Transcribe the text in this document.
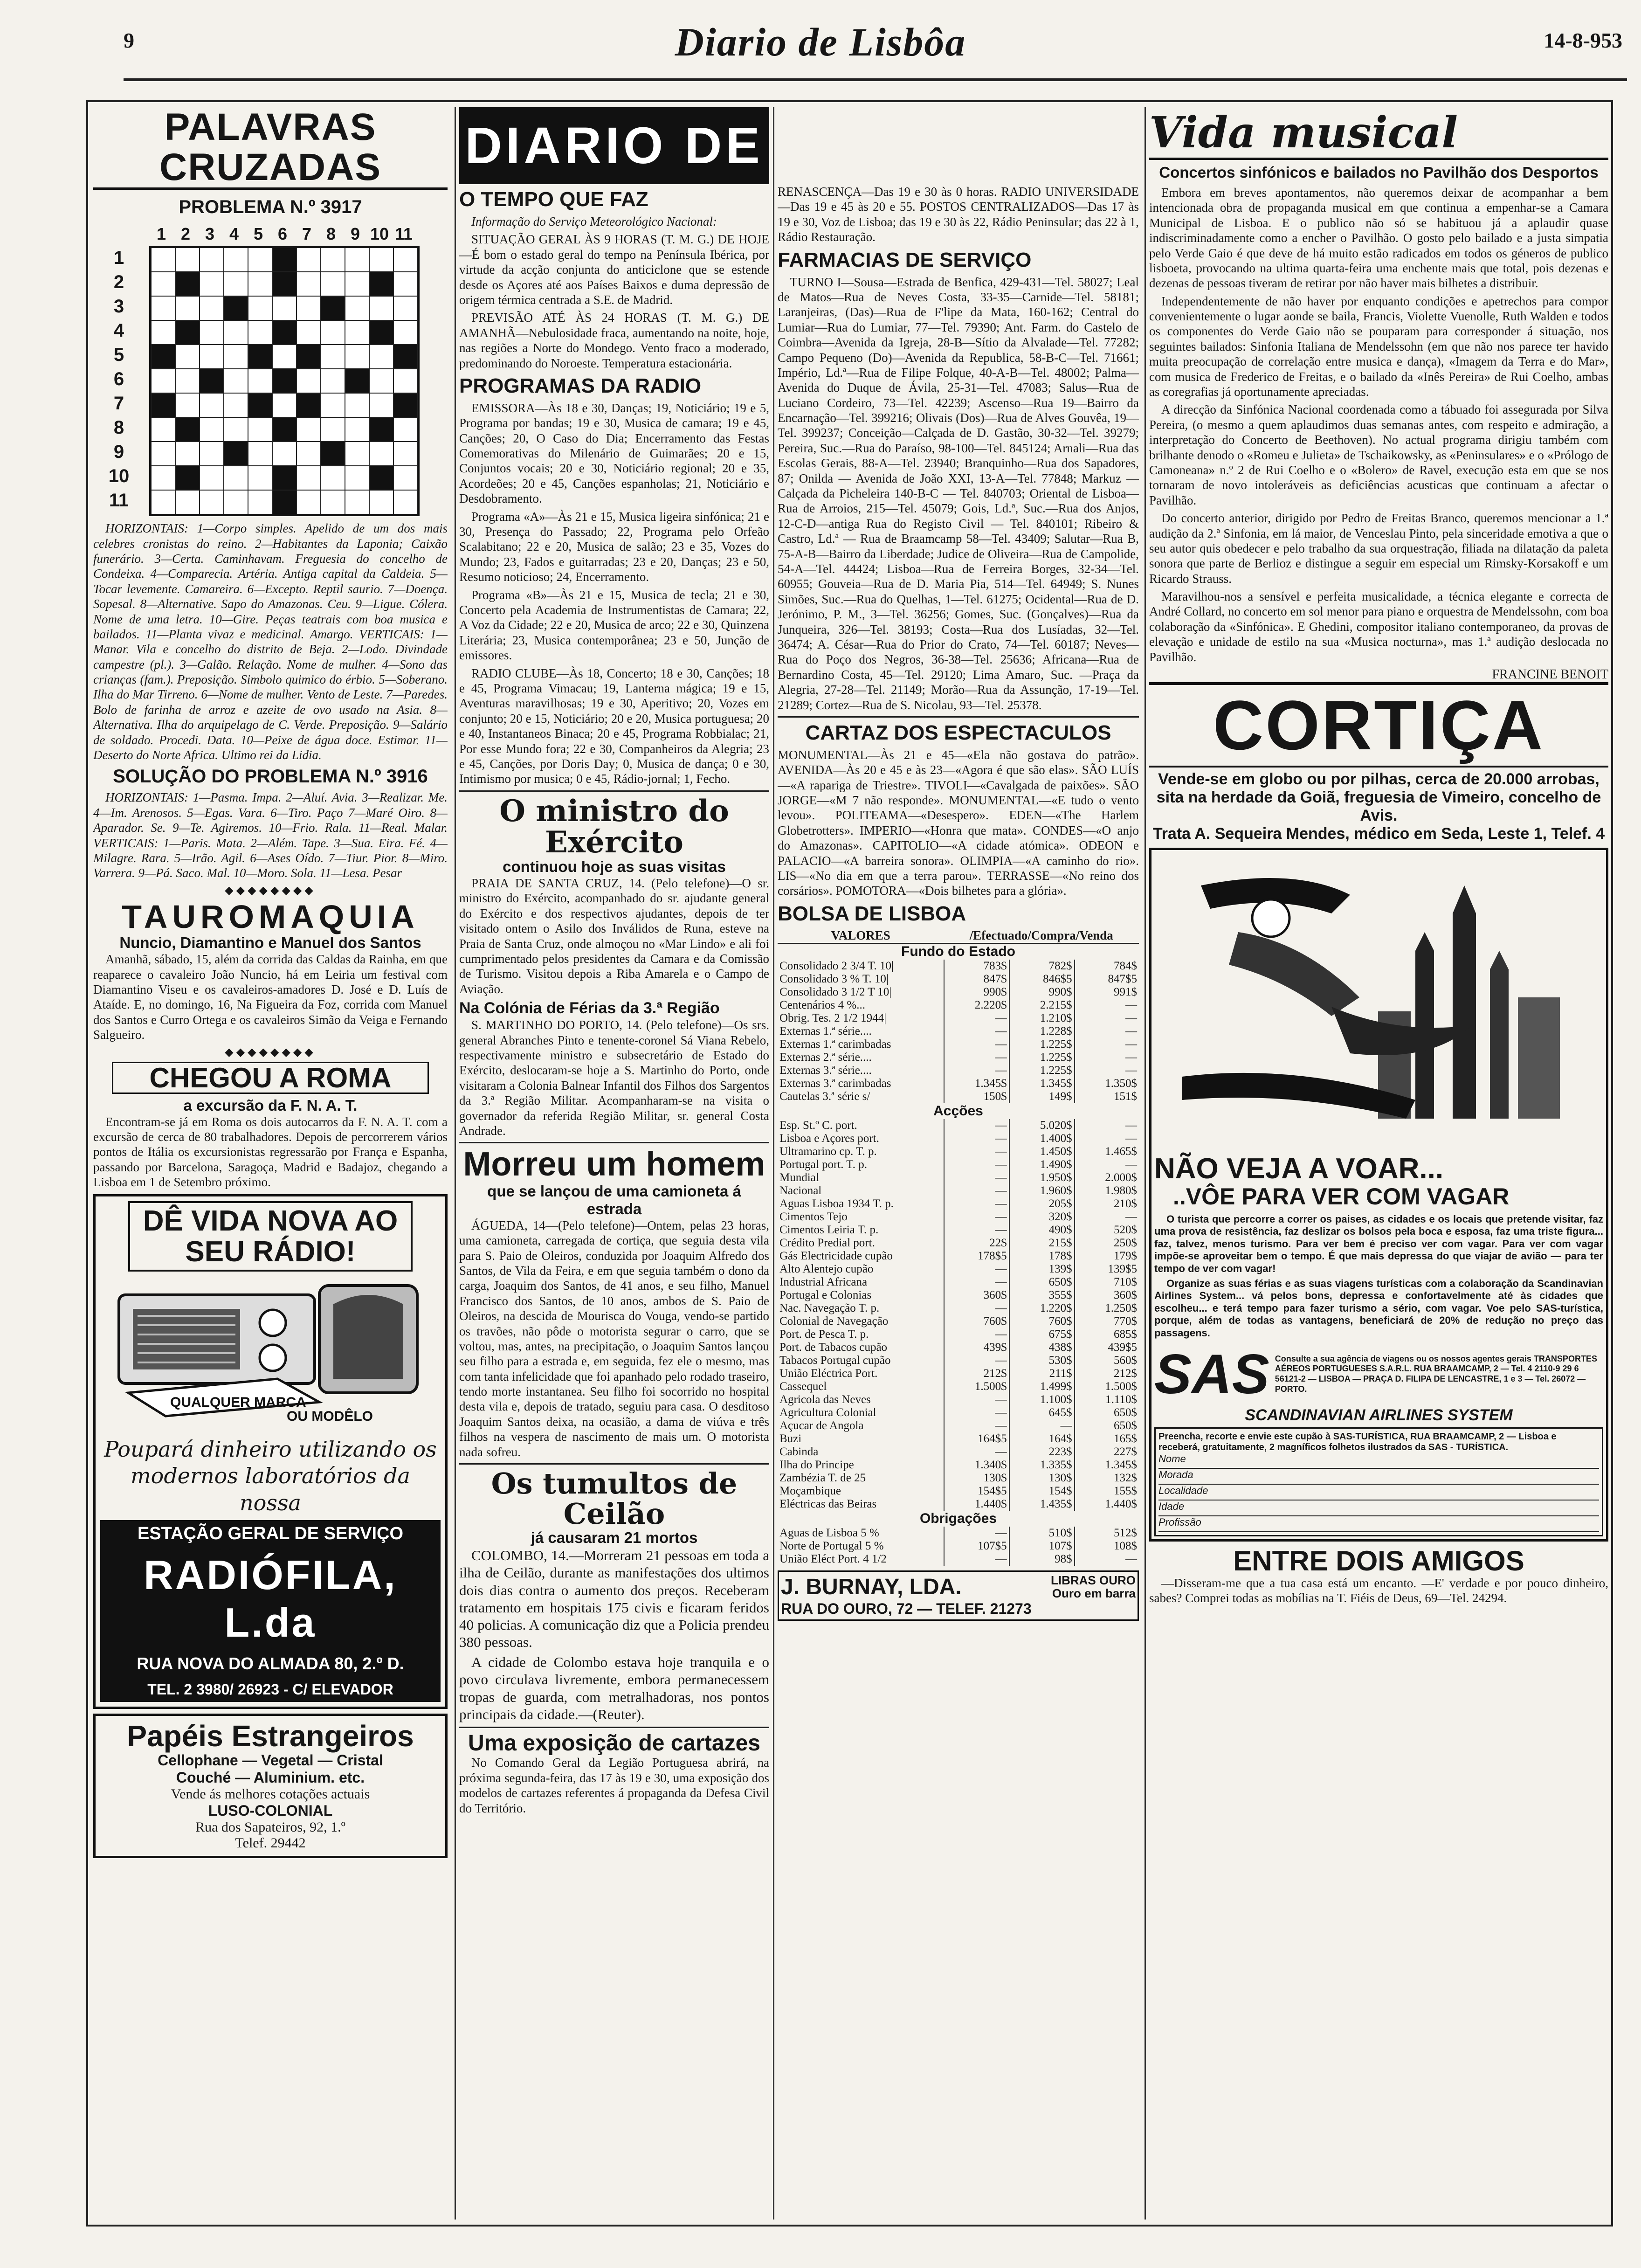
9	Diario de Lisbôa	14-8-953
PALAVRAS CRUZADAS
PROBLEMA N.º 3917
1 2 3 4 5 6 7 8 9 10 11
1
2
3
4
5
6
7
8
9
10
11

HORIZONTAIS: 1—Corpo simples. Apelido de um dos mais celebres cronistas do reino. 2—Habitantes da Laponia; Caixão funerário. 3—Certa. Caminhavam. Freguesia do concelho de Condeixa. 4—Comparecia. Artéria. Antiga capital da Caldeia. 5—Tocar levemente. Camareira. 6—Excepto. Reptil saurio. 7—Doença. Sopesal. 8—Alternative. Sapo do Amazonas. Ceu. 9—Ligue. Cólera. Nome de uma letra. 10—Gire. Peças teatrais com boa musica e bailados. 11—Planta vivaz e medicinal. Amargo. VERTICAIS: 1—Manar. Vila e concelho do distrito de Beja. 2—Lodo. Divindade campestre (pl.). 3—Galão. Relação. Nome de mulher. 4—Sono das crianças (fam.). Preposição. Simbolo quimico do érbio. 5—Soberano. Ilha do Mar Tirreno. 6—Nome de mulher. Vento de Leste. 7—Paredes. Bolo de farinha de arroz e azeite de ovo usado na Asia. 8—Alternativa. Ilha do arquipelago de C. Verde. Preposição. 9—Salário de soldado. Procedi. Data. 10—Peixe de água doce. Estimar. 11—Deserto do Norte Africa. Ultimo rei da Lidia.

SOLUÇÃO DO PROBLEMA N.º 3916

HORIZONTAIS: 1—Pasma. Impa. 2—Aluí. Avia. 3—Realizar. Me. 4—Im. Arenosos. 5—Egas. Vara. 6—Tiro. Paço 7—Maré Oiro. 8—Aparador. Se. 9—Te. Agiremos. 10—Frio. Rala. 11—Real. Malar. VERTICAIS: 1—Paris. Mata. 2—Além. Tape. 3—Sua. Eira. Fé. 4—Milagre. Rara. 5—Irão. Agil. 6—Ases Oído. 7—Tiur. Pior. 8—Miro. Varrera. 9—Pá. Saco. Mal. 10—Moro. Sola. 11—Lesa. Pesar

◆◆◆◆◆◆◆◆
TAUROMAQUIA
Nuncio, Diamantino e Manuel dos Santos

Amanhã, sábado, 15, além da corrida das Caldas da Rainha, em que reaparece o cavaleiro João Nuncio, há em Leiria um festival com Diamantino Viseu e os cavaleiros-amadores D. José e D. Luís de Ataíde. E, no domingo, 16, Na Figueira da Foz, corrida com Manuel dos Santos e Curro Ortega e os cavaleiros Simão da Veiga e Fernando Salgueiro.

◆◆◆◆◆◆◆◆
CHEGOU A ROMA
a excursão da F. N. A. T.

Encontram-se já em Roma os dois autocarros da F. N. A. T. com a excursão de cerca de 80 trabalhadores. Depois de percorrerem vários pontos de Itália os excursionistas regressarão por França e Espanha, passando por Barcelona, Saragoça, Madrid e Badajoz, chegando a Lisboa em 1 de Setembro próximo.

DÊ VIDA NOVA AO SEU RÁDIO!
QUALQUER MARCA
OU MODÊLO
Poupará dinheiro utilizando os modernos laboratórios da nossa
ESTAÇÃO GERAL DE SERVIÇO
RADIÓFILA, L.da
RUA NOVA DO ALMADA 80, 2.º D.
TEL. 2 3980/ 26923 - C/ ELEVADOR
Papéis Estrangeiros
Cellophane — Vegetal — Cristal
Couché — Aluminium. etc.
Vende ás melhores cotações actuais
LUSO-COLONIAL
Rua dos Sapateiros, 92, 1.º
Telef. 29442
DIARIO DE
O TEMPO QUE FAZ

Informação do Serviço Meteorológico Nacional:

SITUAÇÃO GERAL ÀS 9 HORAS (T. M. G.) DE HOJE—É bom o estado geral do tempo na Península Ibérica, por virtude da acção conjunta do anticiclone que se estende desde os Açores até aos Países Baixos e duma depressão de origem térmica centrada a S.E. de Madrid.

PREVISÃO ATÉ ÀS 24 HORAS (T. M. G.) DE AMANHÃ—Nebulosidade fraca, aumentando na noite, hoje, nas regiões a Norte do Mondego. Vento fraco a moderado, predominando do Noroeste. Temperatura estacionária.

PROGRAMAS DA RADIO

EMISSORA—Às 18 e 30, Danças; 19, Noticiário; 19 e 5, Programa por bandas; 19 e 30, Musica de camara; 19 e 45, Canções; 20, O Caso do Dia; Encerramento das Festas Comemorativas do Milenário de Guimarães; 20 e 15, Conjuntos vocais; 20 e 30, Noticiário regional; 20 e 35, Acordeões; 20 e 45, Canções espanholas; 21, Noticiário e Desdobramento.

Programa «A»—Às 21 e 15, Musica ligeira sinfónica; 21 e 30, Presença do Passado; 22, Programa pelo Orfeão Scalabitano; 22 e 20, Musica de salão; 23 e 35, Vozes do Mundo; 23, Fados e guitarradas; 23 e 20, Danças; 23 e 50, Resumo noticioso; 24, Encerramento.

Programa «B»—Às 21 e 15, Musica de tecla; 21 e 30, Concerto pela Academia de Instrumentistas de Camara; 22, A Voz da Cidade; 22 e 20, Musica de arco; 22 e 30, Quinzena Literária; 23, Musica contemporânea; 23 e 50, Junção de emissores.

RADIO CLUBE—Às 18, Concerto; 18 e 30, Canções; 18 e 45, Programa Vimacau; 19, Lanterna mágica; 19 e 15, Aventuras maravilhosas; 19 e 30, Aperitivo; 20, Vozes em conjunto; 20 e 15, Noticiário; 20 e 20, Musica portuguesa; 20 e 40, Instantaneos Binaca; 20 e 45, Programa Robbialac; 21, Por esse Mundo fora; 22 e 30, Companheiros da Alegria; 23 e 45, Canções, por Doris Day; 0, Musica de dança; 0 e 30, Intimismo por musica; 0 e 45, Rádio-jornal; 1, Fecho.

O ministro do Exército
continuou hoje as suas visitas

PRAIA DE SANTA CRUZ, 14. (Pelo telefone)—O sr. ministro do Exército, acompanhado do sr. ajudante general do Exército e dos respectivos ajudantes, depois de ter visitado ontem o Asilo dos Inválidos de Runa, esteve na Praia de Santa Cruz, onde almoçou no «Mar Lindo» e ali foi cumprimentado pelos presidentes da Camara e da Comissão de Turismo. Visitou depois a Riba Amarela e o Campo de Aviação.

Na Colónia de Férias da 3.ª Região

S. MARTINHO DO PORTO, 14. (Pelo telefone)—Os srs. general Abranches Pinto e tenente-coronel Sá Viana Rebelo, respectivamente ministro e subsecretário de Estado do Exército, deslocaram-se hoje a S. Martinho do Porto, onde visitaram a Colonia Balnear Infantil dos Filhos dos Sargentos da 3.ª Região Militar. Acompanharam-se na visita o governador da referida Região Militar, sr. general Costa Andrade.

Morreu um homem
que se lançou de uma camioneta á estrada

ÁGUEDA, 14—(Pelo telefone)—Ontem, pelas 23 horas, uma camioneta, carregada de cortiça, que seguia desta vila para S. Paio de Oleiros, conduzida por Joaquim Alfredo dos Santos, de Vila da Feira, e em que seguia também o dono da carga, Joaquim dos Santos, de 41 anos, e seu filho, Manuel Francisco dos Santos, de 10 anos, ambos de S. Paio de Oleiros, na descida de Mourisca do Vouga, vendo-se partido os travões, não pôde o motorista segurar o carro, que se voltou, mas, antes, na precipitação, o Joaquim Santos lançou seu filho para a estrada e, em seguida, fez ele o mesmo, mas com tanta infelicidade que foi apanhado pelo rodado traseiro, tendo morte instantanea. Seu filho foi socorrido no hospital desta vila e, depois de tratado, seguiu para casa. O desditoso Joaquim Santos deixa, na ocasião, a dama de viúva e três filhos na vespera de nascimento de mais um. O motorista nada sofreu.

Os tumultos de Ceilão
já causaram 21 mortos

COLOMBO, 14.—Morreram 21 pessoas em toda a ilha de Ceilão, durante as manifestações dos ultimos dois dias contra o aumento dos preços. Receberam tratamento em hospitais 175 civis e ficaram feridos 40 policias. A comunicação diz que a Policia prendeu 380 pessoas.

A cidade de Colombo estava hoje tranquila e o povo circulava livremente, embora permanecessem tropas de guarda, com metralhadoras, nos pontos principais da cidade.—(Reuter).

Uma exposição de cartazes

No Comando Geral da Legião Portuguesa abrirá, na próxima segunda-feira, das 17 às 19 e 30, uma exposição dos modelos de cartazes referentes á propaganda da Defesa Civil do Território.

RENASCENÇA—Das 19 e 30 às 0 horas. RADIO UNIVERSIDADE—Das 19 e 45 às 20 e 55. POSTOS CENTRALIZADOS—Das 17 às 19 e 30, Voz de Lisboa; das 19 e 30 às 22, Rádio Peninsular; das 22 à 1, Rádio Restauração.

FARMACIAS DE SERVIÇO

TURNO I—Sousa—Estrada de Benfica, 429-431—Tel. 58027; Leal de Matos—Rua de Neves Costa, 33-35—Carnide—Tel. 58181; Laranjeiras, (Das)—Rua de F'lipe da Mata, 160-162; Central do Lumiar—Rua do Lumiar, 77—Tel. 79390; Ant. Farm. do Castelo de Coimbra—Avenida da Igreja, 28-B—Sítio da Alvalade—Tel. 77282; Campo Pequeno (Do)—Avenida da Republica, 58-B-C—Tel. 71661; Império, Ld.ª—Rua de Filipe Folque, 40-A-B—Tel. 48002; Palma—Avenida do Duque de Ávila, 25-31—Tel. 47083; Salus—Rua de Luciano Cordeiro, 73—Tel. 42239; Ascenso—Rua 19—Bairro da Encarnação—Tel. 399216; Olivais (Dos)—Rua de Alves Gouvêa, 19—Tel. 399237; Conceição—Calçada de D. Gastão, 30-32—Tel. 39279; Pereira, Suc.—Rua do Paraíso, 98-100—Tel. 845124; Arnali—Rua das Escolas Gerais, 88-A—Tel. 23940; Branquinho—Rua dos Sapadores, 87; Onilda — Avenida de João XXI, 13-A—Tel. 77848; Markuz — Calçada da Picheleira 140-B-C — Tel. 840703; Oriental de Lisboa—Rua de Arroios, 215—Tel. 45079; Gois, Ld.ª, Suc.—Rua dos Anjos, 12-C-D—antiga Rua do Registo Civil — Tel. 840101; Ribeiro & Castro, Ld.ª — Rua de Braamcamp 58—Tel. 43409; Salutar—Rua B, 75-A-B—Bairro da Liberdade; Judice de Oliveira—Rua de Campolide, 54-A—Tel. 44424; Lisboa—Rua de Ferreira Borges, 32-34—Tel. 60955; Gouveia—Rua de D. Maria Pia, 514—Tel. 64949; S. Nunes Simões, Suc.—Rua do Quelhas, 1—Tel. 61275; Ocidental—Rua de D. Jerónimo, P. M., 3—Tel. 36256; Gomes, Suc. (Gonçalves)—Rua da Junqueira, 326—Tel. 38193; Costa—Rua dos Lusíadas, 32—Tel. 36474; A. César—Rua do Prior do Crato, 74—Tel. 60187; Neves—Rua do Poço dos Negros, 36-38—Tel. 25636; Africana—Rua de Bernardino Costa, 45—Tel. 29120; Lima Amaro, Suc. —Praça da Alegria, 27-28—Tel. 21149; Morão—Rua da Assunção, 17-19—Tel. 21289; Cortez—Rua de S. Nicolau, 93—Tel. 25378.

CARTAZ DOS ESPECTACULOS

MONUMENTAL—Às 21 e 45—«Ela não gostava do patrão». AVENIDA—Às 20 e 45 e às 23—«Agora é que são elas». SÃO LUÍS—«A rapariga de Triestre». TIVOLI—«Cavalgada de paixões». SÃO JORGE—«M 7 não responde». MONUMENTAL—«E tudo o vento levou». POLITEAMA—«Desespero». EDEN—«The Harlem Globetrotters». IMPERIO—«Honra que mata». CONDES—«O anjo do Amazonas». CAPITOLIO—«A cidade atómica». ODEON e PALACIO—«A barreira sonora». OLIMPIA—«A caminho do rio». LIS—«No dia em que a terra parou». TERRASSE—«No reino dos corsários». POMOTORA—«Dois bilhetes para a glória».

BOLSA DE LISBOA
VALORES	/Efectuado/Compra/Venda		
Fundo do Estado			
Consolidado 2 3/4 T. 10|	783$	782$	784$
Consolidado 3 % T. 10|	847$	846$5	847$5
Consolidado 3 1/2 T 10|	990$	990$	991$
Centenários 4 %...	2.220$	2.215$	—
Obrig. Tes. 2 1/2 1944|	—	1.210$	—
Externas 1.ª série....	—	1.228$	—
Externas 1.ª carimbadas	—	1.225$	—
Externas 2.ª série....	—	1.225$	—
Externas 3.ª série....	—	1.225$	—
Externas 3.ª carimbadas	1.345$	1.345$	1.350$
Cautelas 3.ª série s/	150$	149$	151$
Acções			
Esp. St.º C. port.	—	5.020$	—
Lisboa e Açores port.	—	1.400$	—
Ultramarino cp. T. p.	—	1.450$	1.465$
Portugal port. T. p.	—	1.490$	—
Mundial	—	1.950$	2.000$
Nacional	—	1.960$	1.980$
Aguas Lisboa 1934 T. p.	—	205$	210$
Cimentos Tejo	—	320$	—
Cimentos Leiria T. p.	—	490$	520$
Crédito Predial port.	22$	215$	250$
Gás Electricidade cupão	178$5	178$	179$
Alto Alentejo cupão	—	139$	139$5
Industrial Africana	—	650$	710$
Portugal e Colonias	360$	355$	360$
Nac. Navegação T. p.	—	1.220$	1.250$
Colonial de Navegação	760$	760$	770$
Port. de Pesca T. p.	—	675$	685$
Port. de Tabacos cupão	439$	438$	439$5
Tabacos Portugal cupão	—	530$	560$
União Eléctrica Port.	212$	211$	212$
Cassequel	1.500$	1.499$	1.500$
Agricola das Neves	—	1.100$	1.110$
Agricultura Colonial	—	645$	650$
Açucar de Angola	—	—	650$
Buzi	164$5	164$	165$
Cabinda	—	223$	227$
Ilha do Principe	1.340$	1.335$	1.345$
Zambézia T. de 25	130$	130$	132$
Moçambique	154$5	154$	155$
Eléctricas das Beiras	1.440$	1.435$	1.440$
Obrigações			
Aguas de Lisboa 5 %	—	510$	512$
Norte de Portugal 5 %	107$5	107$	108$
União Eléct Port. 4 1/2	—	98$	—
J. BURNAY, LDA.	LIBRAS OURO
Ouro em barra
RUA DO OURO, 72 — TELEF. 21273
Vida musical
Concertos sinfónicos e bailados no Pavilhão dos Desportos

Embora em breves apontamentos, não queremos deixar de acompanhar a bem intencionada obra de propaganda musical em que continua a empenhar-se a Camara Municipal de Lisboa. E o publico não só se habituou já a aplaudir quase indiscriminadamente como a encher o Pavilhão. O gosto pelo bailado e a justa simpatia pelo Verde Gaio é que deve de há muito estão radicados em todos os géneros de publico lisboeta, provocando na ultima quarta-feira uma enchente mais que total, pois dezenas e dezenas de pessoas tiveram de retirar por não haver mais bilhetes a distribuir.

Independentemente de não haver por enquanto condições e apetrechos para compor convenientemente o lugar aonde se baila, Francis, Violette Vuenolle, Ruth Walden e todos os componentes do Verde Gaio não se pouparam para corresponder á situação, nos seguintes bailados: Sinfonia Italiana de Mendelssohn (em que não nos parece ter havido muita preocupação de correlação entre musica e dança), «Imagem da Terra e do Mar», com musica de Frederico de Freitas, e o bailado da «Inês Pereira» de Rui Coelho, ambas as coregrafias já oportunamente apreciadas.

A direcção da Sinfónica Nacional coordenada como a tábuado foi assegurada por Silva Pereira, (o mesmo a quem aplaudimos duas semanas antes, com respeito e admiração, a interpretação do Concerto de Beethoven). No actual programa dirigiu também com brilhante denodo o «Romeu e Julieta» de Tschaikowsky, as «Peninsulares» e o «Prólogo de Camoneana» n.º 2 de Rui Coelho e o «Bolero» de Ravel, execução esta em que se nos tornaram de novo intoleráveis as deficiências acusticas que continuam a afectar o Pavilhão.

Do concerto anterior, dirigido por Pedro de Freitas Branco, queremos mencionar a 1.ª audição da 2.ª Sinfonia, em lá maior, de Venceslau Pinto, pela sinceridade emotiva a que o seu autor quis obedecer e pelo trabalho da sua orquestração, filiada na dilatação da paleta sonora que parte de Berlioz e distingue a seguir em especial um Rimsky-Korsakoff e um Ricardo Strauss.

Maravilhou-nos a sensível e perfeita musicalidade, a técnica elegante e correcta de André Collard, no concerto em sol menor para piano e orquestra de Mendelssohn, com boa colaboração da «Sinfónica». E Ghedini, compositor italiano contemporaneo, da provas de elevação e unidade de estilo na sua «Musica nocturna», mas 1.ª audição deslocada no Pavilhão.

FRANCINE BENOIT
CORTIÇA
Vende-se em globo ou por pilhas, cerca de 20.000 arrobas, sita na herdade da Goiã, freguesia de Vimeiro, concelho de Avis.
Trata A. Sequeira Mendes, médico em Seda, Leste 1, Telef. 4
NÃO VEJA A VOAR...
..VÔE PARA VER COM VAGAR

O turista que percorre a correr os paises, as cidades e os locais que pretende visitar, faz uma prova de resistência, faz deslizar os bolsos pela boca e esposa, faz uma triste figura... faz, talvez, menos turismo. Para ver bem é preciso ver com vagar. Para ver com vagar impõe-se aproveitar bem o tempo. É que mais depressa do que viajar de avião — para ter tempo de ver com vagar!

Organize as suas férias e as suas viagens turísticas com a colaboração da Scandinavian Airlines System... vá pelos bons, depressa e confortavelmente até às cidades que escolheu... e terá tempo para fazer turismo a sério, com vagar. Voe pelo SAS-turística, porque, além de todas as vantagens, beneficiará de 20% de redução no preço das passagens.

SAS Consulte a sua agência de viagens ou os nossos agentes gerais TRANSPORTES AÉREOS PORTUGUESES S.A.R.L. RUA BRAAMCAMP, 2 — Tel. 4 2110-9 29 6 56121-2 — LISBOA — PRAÇA D. FILIPA DE LENCASTRE, 1 e 3 — Tel. 26072 — PORTO.
SCANDINAVIAN AIRLINES SYSTEM
Preencha, recorte e envie este cupão à SAS-TURÍSTICA, RUA BRAAMCAMP, 2 — Lisboa e receberá, gratuitamente, 2 magníficos folhetos ilustrados da SAS - TURÍSTICA.
Nome
Morada
Localidade
Idade
Profissão
ENTRE DOIS AMIGOS

—Disseram-me que a tua casa está um encanto. —E' verdade e por pouco dinheiro, sabes? Comprei todas as mobílias na T. Fiéis de Deus, 69—Tel. 24294.
